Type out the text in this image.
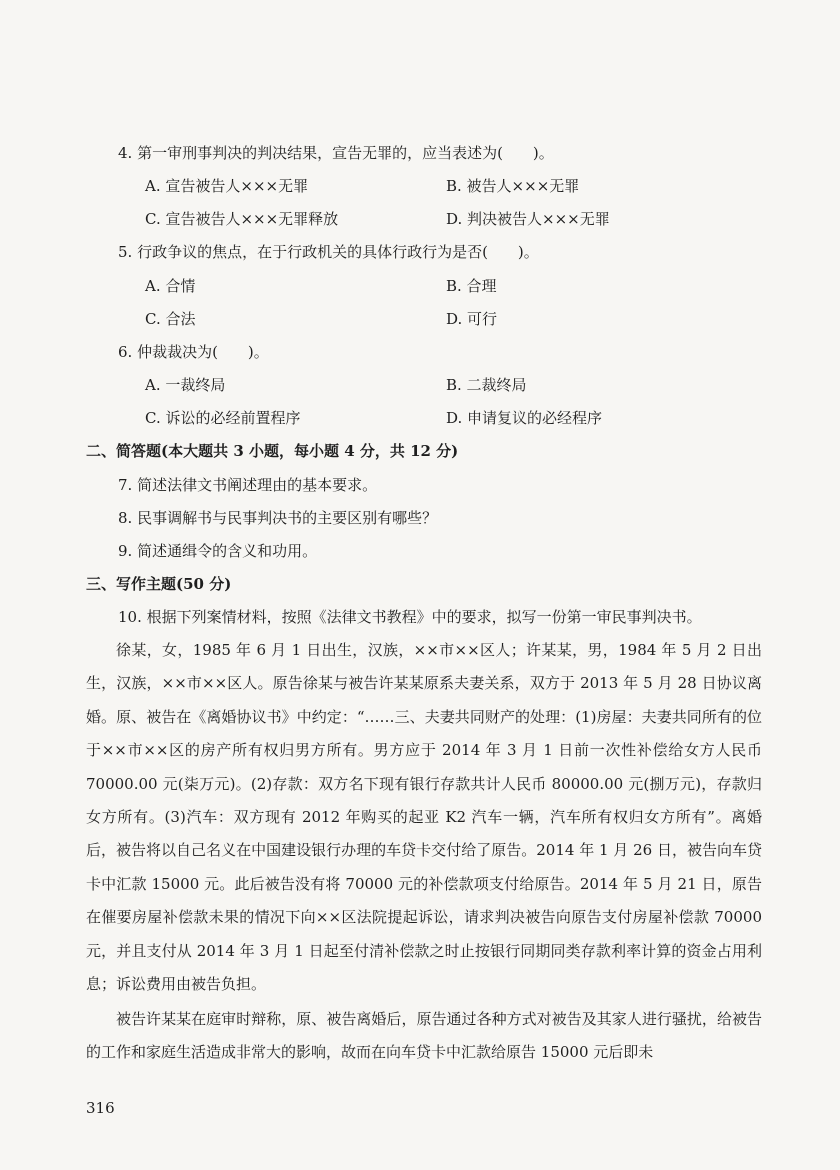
4. 第一审刑事判决的判决结果，宣告无罪的，应当表述为(　　)。
A. 宣告被告人×××无罪	B. 被告人×××无罪
C. 宣告被告人×××无罪释放	D. 判决被告人×××无罪
5. 行政争议的焦点，在于行政机关的具体行政行为是否(　　)。
A. 合情	B. 合理
C. 合法	D. 可行
6. 仲裁裁决为(　　)。
A. 一裁终局	B. 二裁终局
C. 诉讼的必经前置程序	D. 申请复议的必经程序
二、简答题(本大题共 3 小题，每小题 4 分，共 12 分)
7. 简述法律文书阐述理由的基本要求。
8. 民事调解书与民事判决书的主要区别有哪些？
9. 简述通缉令的含义和功用。
三、写作主题(50 分)
10. 根据下列案情材料，按照《法律文书教程》中的要求，拟写一份第一审民事判决书。
徐某，女，1985 年 6 月 1 日出生，汉族，××市××区人；许某某，男，1984 年 5 月 2 日出生，汉族，××市××区人。原告徐某与被告许某某原系夫妻关系，双方于 2013 年 5 月 28 日协议离婚。原、被告在《离婚协议书》中约定：“……三、夫妻共同财产的处理：(1)房屋：夫妻共同所有的位于××市××区的房产所有权归男方所有。男方应于 2014 年 3 月 1 日前一次性补偿给女方人民币 70000.00 元(柒万元)。(2)存款：双方名下现有银行存款共计人民币 80000.00 元(捌万元)，存款归女方所有。(3)汽车：双方现有 2012 年购买的起亚 K2 汽车一辆，汽车所有权归女方所有”。离婚后，被告将以自己名义在中国建设银行办理的车贷卡交付给了原告。2014 年 1 月 26 日，被告向车贷卡中汇款 15000 元。此后被告没有将 70000 元的补偿款项支付给原告。2014 年 5 月 21 日，原告在催要房屋补偿款未果的情况下向××区法院提起诉讼，请求判决被告向原告支付房屋补偿款 70000 元，并且支付从 2014 年 3 月 1 日起至付清补偿款之时止按银行同期同类存款利率计算的资金占用利息；诉讼费用由被告负担。
被告许某某在庭审时辩称，原、被告离婚后，原告通过各种方式对被告及其家人进行骚扰，给被告的工作和家庭生活造成非常大的影响，故而在向车贷卡中汇款给原告 15000 元后即未
316
